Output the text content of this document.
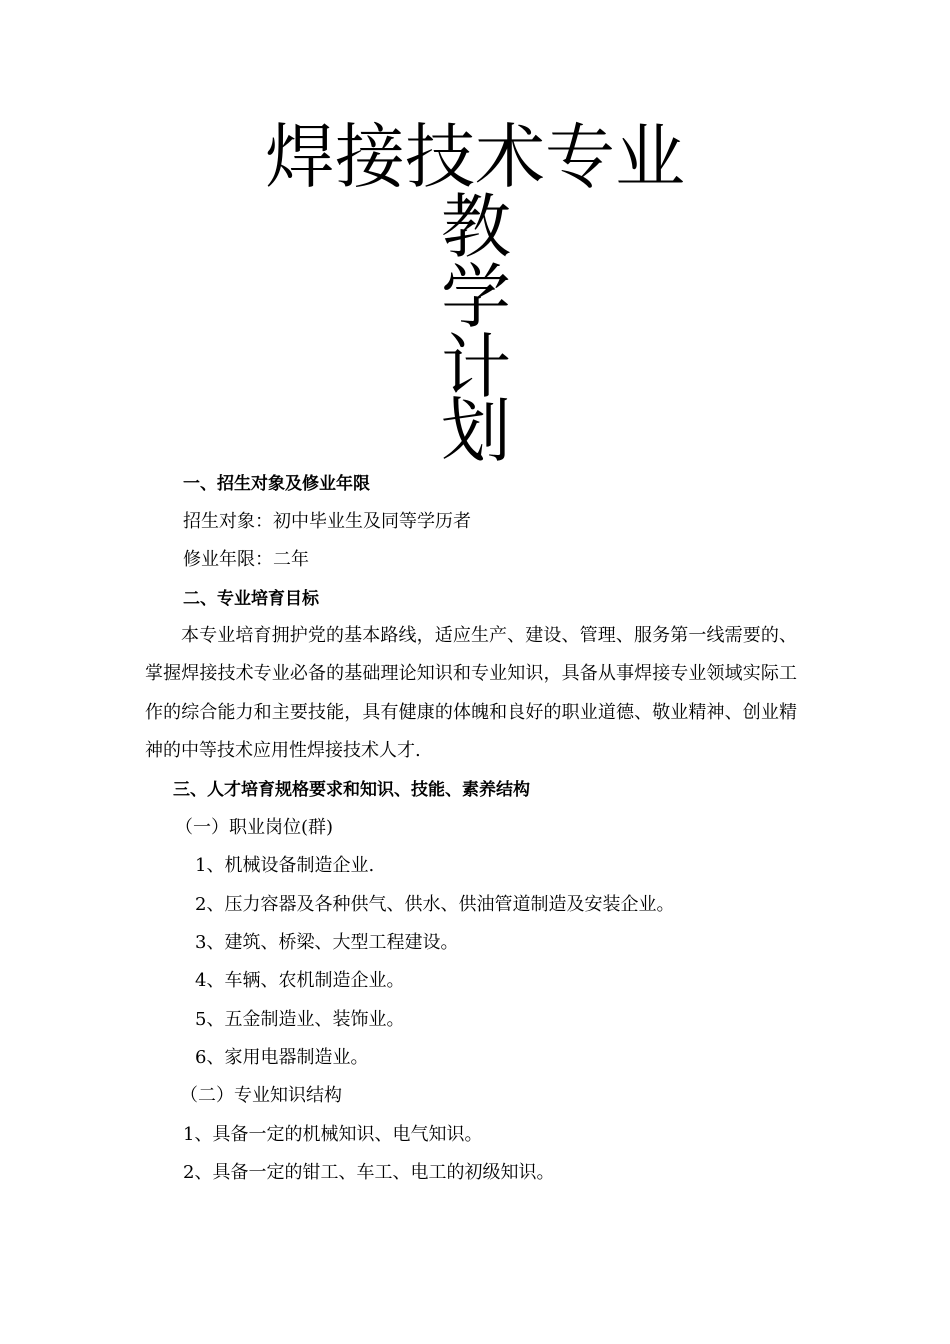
焊接技术专业
教
学
计
划
一、招生对象及修业年限
招生对象：初中毕业生及同等学历者
修业年限：二年
二、专业培育目标

本专业培育拥护党的基本路线，适应生产、建设、管理、服务第一线需要的、掌握焊接技术专业必备的基础理论知识和专业知识，具备从事焊接专业领域实际工作的综合能力和主要技能，具有健康的体魄和良好的职业道德、敬业精神、创业精神的中等技术应用性焊接技术人才.

三、人才培育规格要求和知识、技能、素养结构
（一）职业岗位(群)
1、机械设备制造企业.
2、压力容器及各种供气、供水、供油管道制造及安装企业。
3、建筑、桥梁、大型工程建设。
4、车辆、农机制造企业。
5、五金制造业、装饰业。
6、家用电器制造业。
（二）专业知识结构
1、具备一定的机械知识、电气知识。
2、具备一定的钳工、车工、电工的初级知识。
